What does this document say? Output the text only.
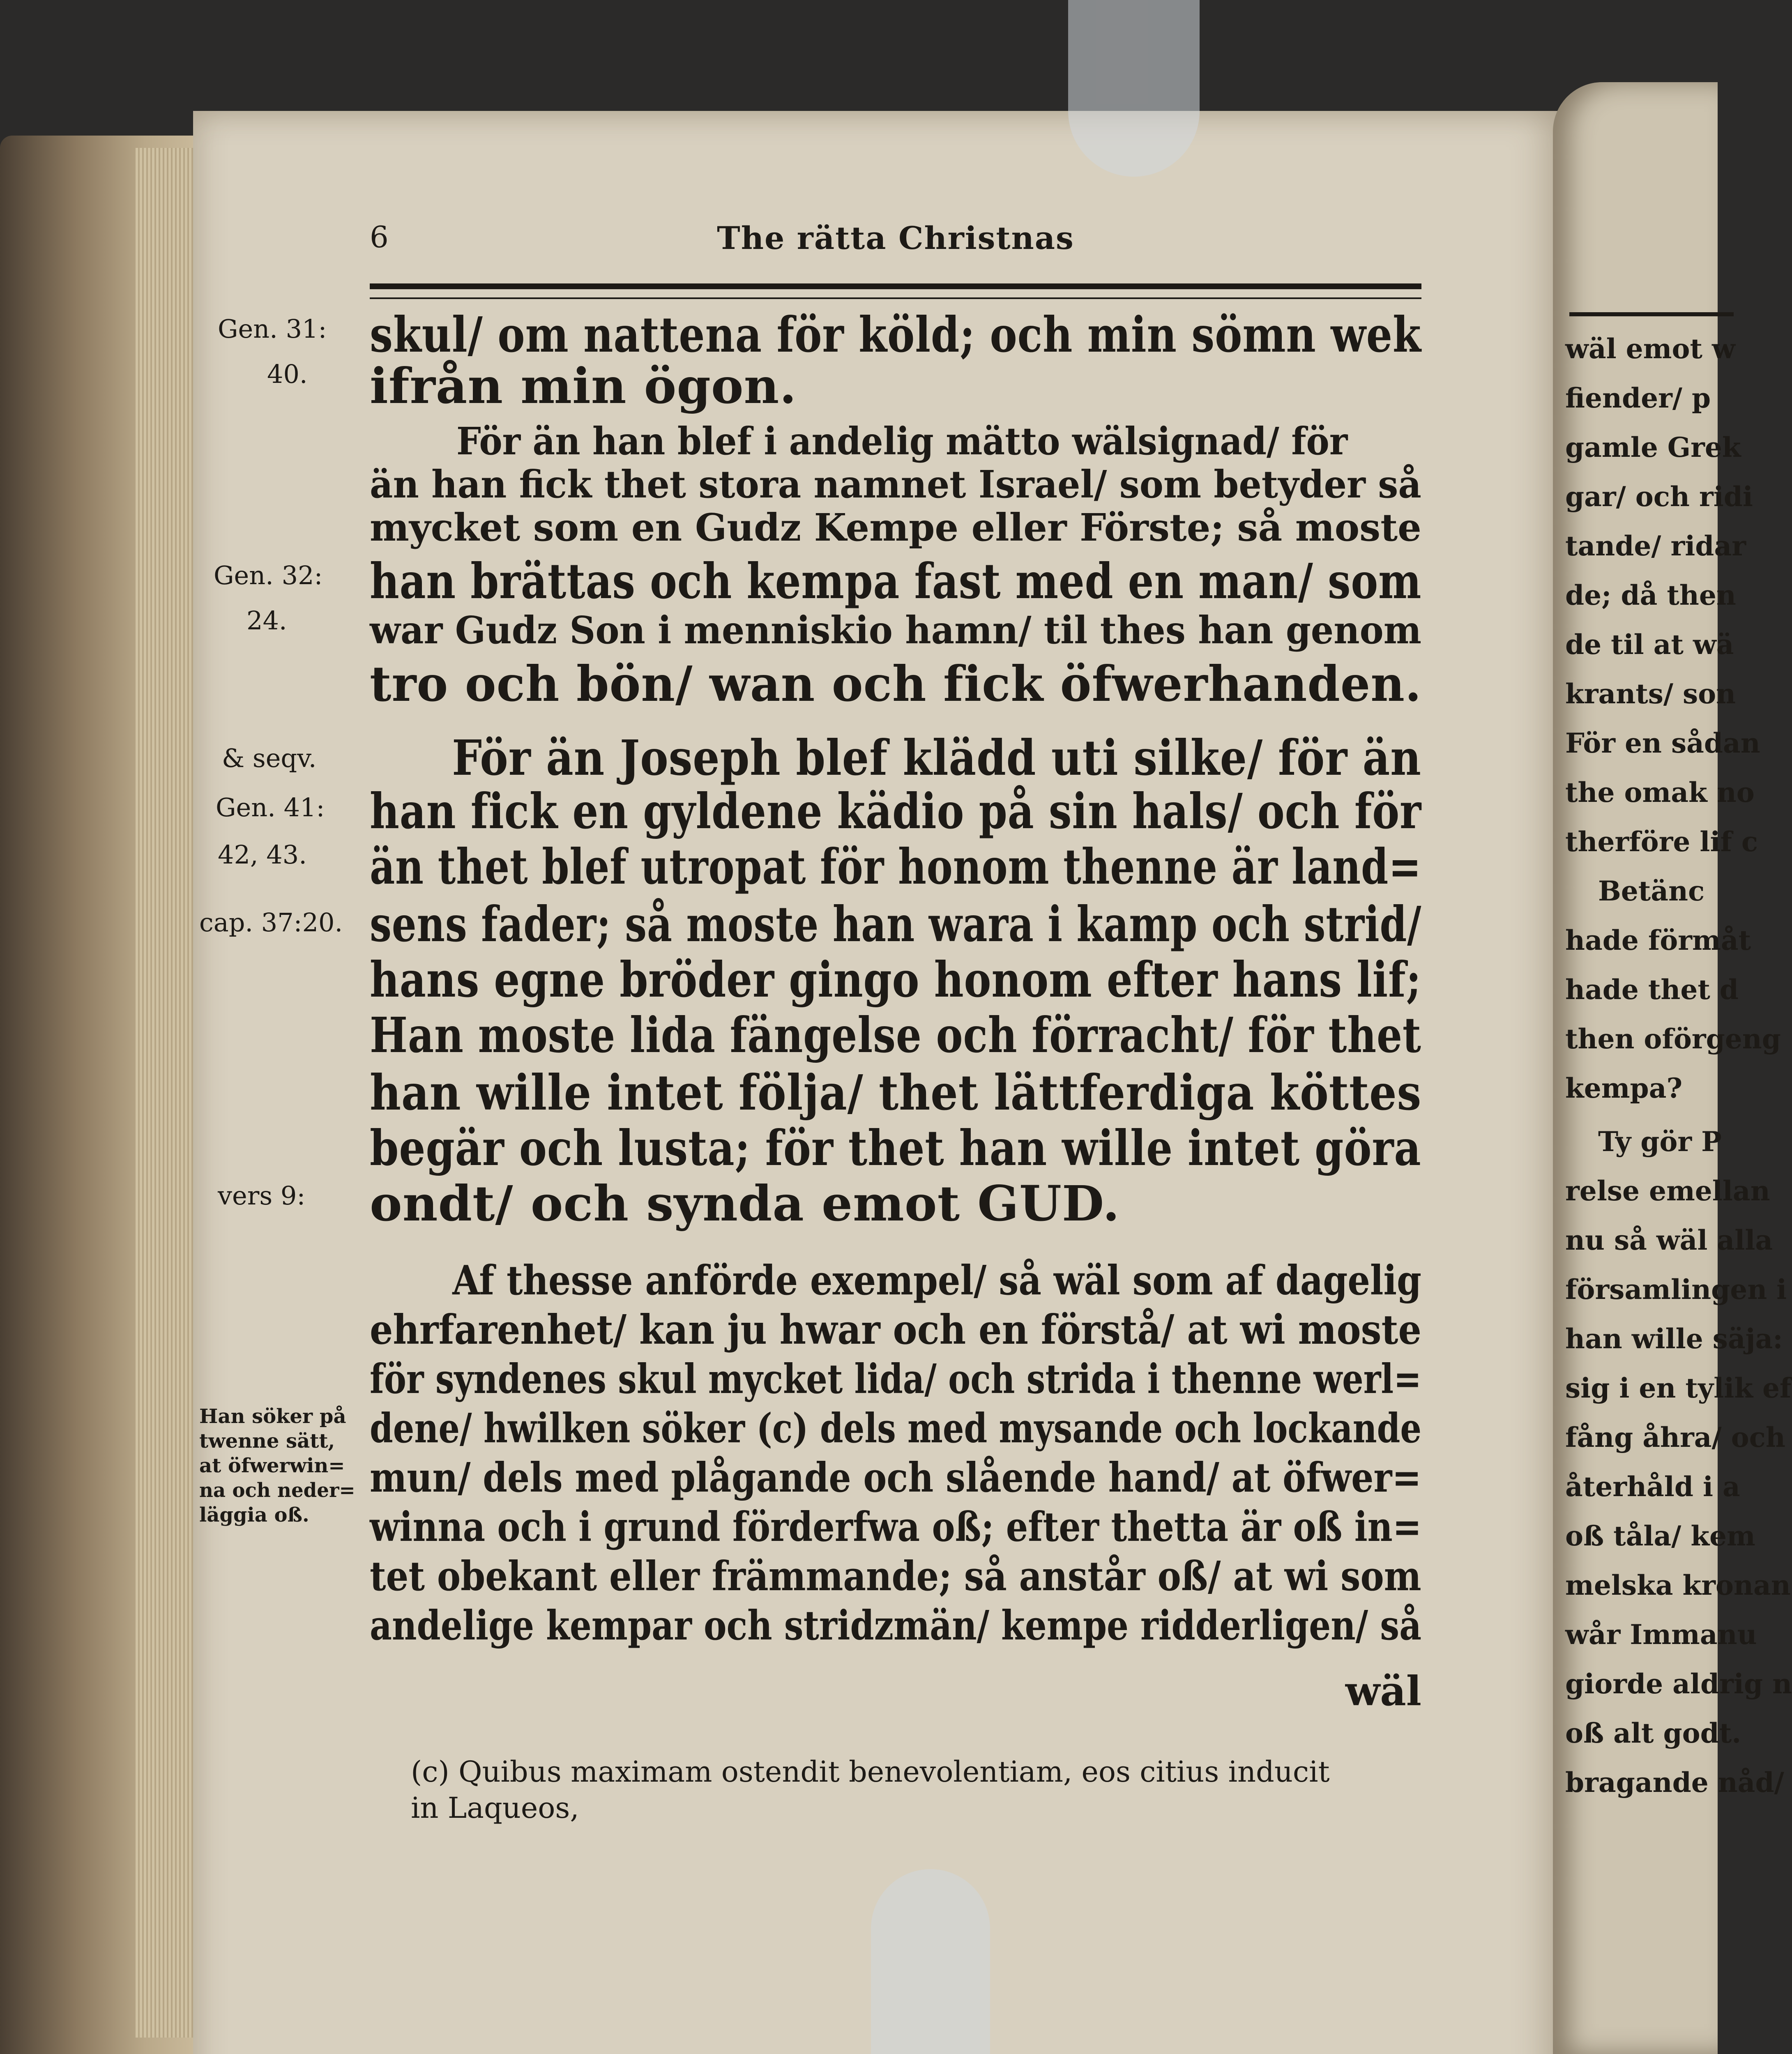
6	The rätta Christnas
skul/ om nattena för köld; och min sömn wek
ifrån min ögon.
För än han blef i andelig mätto wälsignad/ för
än han fick thet stora namnet Israel/ som betyder så
mycket som en Gudz Kempe eller Förste; så moste
han brättas och kempa fast med en man/ som
war Gudz Son i menniskio hamn/ til thes han genom
tro och bön/ wan och fick öfwerhanden.
För än Joseph blef klädd uti silke/ för än
han fick en gyldene kädio på sin hals/ och för
än thet blef utropat för honom thenne är land=
sens fader; så moste han wara i kamp och strid/
hans egne bröder gingo honom efter hans lif;
Han moste lida fängelse och förracht/ för thet
han wille intet följa/ thet lättferdiga köttes
begär och lusta; för thet han wille intet göra
ondt/ och synda emot GUD.
Af thesse anförde exempel/ så wäl som af dagelig
ehrfarenhet/ kan ju hwar och en förstå/ at wi moste
för syndenes skul mycket lida/ och strida i thenne werl=
dene/ hwilken söker (c) dels med mysande och lockande
mun/ dels med plågande och slående hand/ at öfwer=
winna och i grund förderfwa oß; efter thetta är oß in=
tet obekant eller främmande; så anstår oß/ at wi som
andelige kempar och stridzmän/ kempe ridderligen/ så
wäl
Gen. 31:
40.
Gen. 32:
24.
& seqv.
Gen. 41:
42, 43.
cap. 37:20.
vers 9:
Han söker på
twenne sätt,
at öfwerwin=
na och neder=
läggia oß.
(c) Quibus maximam ostendit benevolentiam, eos citius inducit
in Laqueos,
wäl emot w
fiender/ p
gamle Grek
gar/ och ridi
tande/ ridar
de; då then
de til at wä
krants/ son
För en sådan
the omak no
therföre lif c
Betänc
hade förmåt
hade thet d
then oförgeng
kempa?
Ty gör P
relse emellan
nu så wäl alla
församlingen i
han wille säja:
sig i en tylik ef
fång åhra/ och
återhåld i a
oß tåla/ kem
melska kronan
wår Immanu
giorde aldrig n
oß alt godt.
bragande nåd/
